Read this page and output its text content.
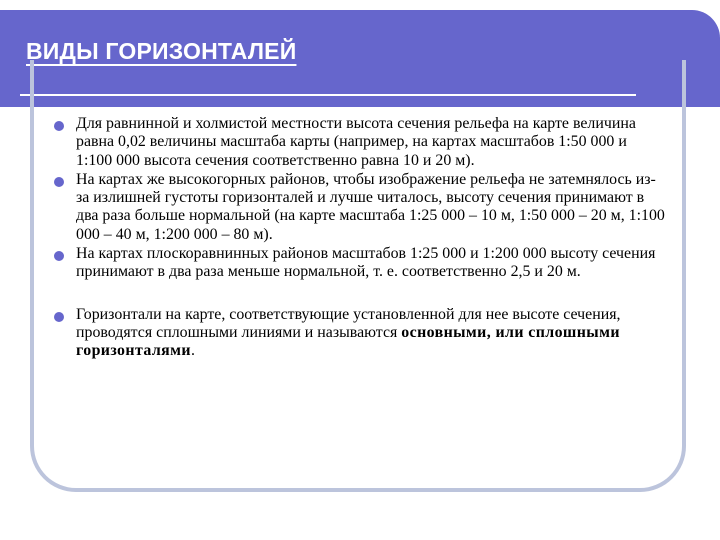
ВИДЫ ГОРИЗОНТАЛЕЙ
Для равнинной и холмистой местности высота сечения рельефа на карте величина равна 0,02 величины масштаба карты (например, на картах масштабов 1:50 000 и 1:100 000 высота сечения соответственно равна 10 и 20 м).
На картах же высокогорных районов, чтобы изображение рельефа не затемнялось из-за излишней густоты горизонталей и лучше читалось, высоту сечения принимают в два раза больше нормальной (на карте масштаба 1:25 000 – 10 м, 1:50 000 – 20 м, 1:100 000 – 40 м, 1:200 000 – 80 м).
На картах плоскоравнинных районов масштабов 1:25 000 и 1:200 000 высоту сечения принимают в два раза меньше нормальной, т. е. соответственно 2,5 и 20 м.
Горизонтали на карте, соответствующие установленной для нее высоте сечения, проводятся сплошными линиями и называются основными, или сплошными горизонталями.
